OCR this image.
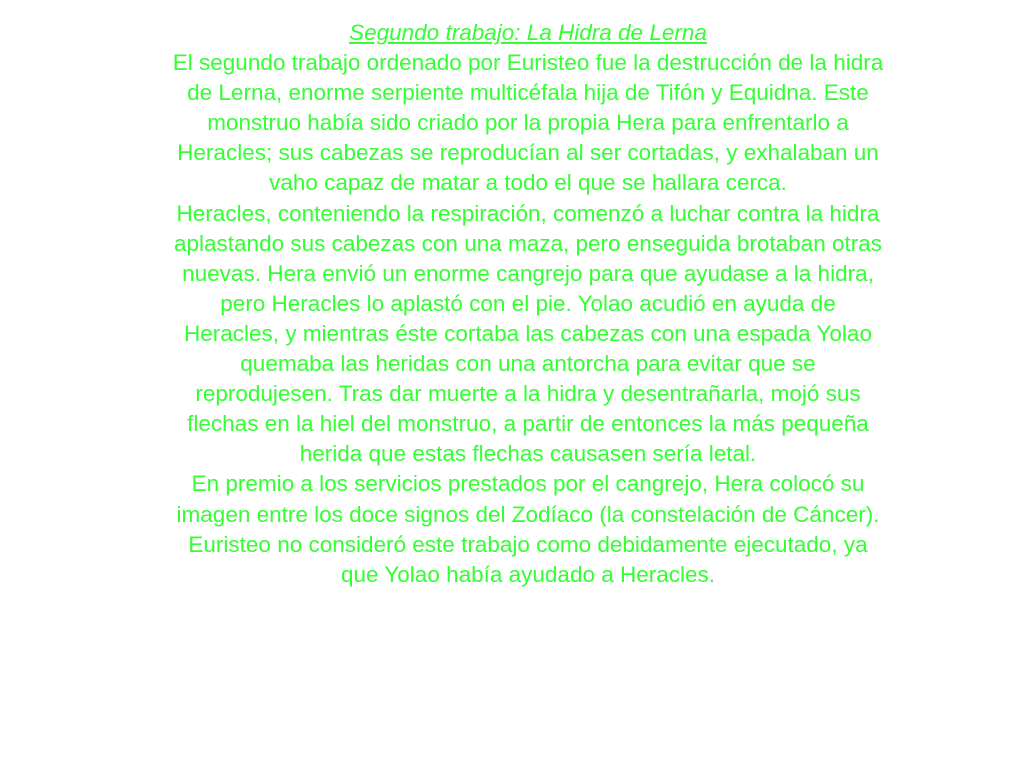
Segundo trabajo: La Hidra de Lerna

El segundo trabajo ordenado por Euristeo fue la destrucción de la hidra de Lerna, enorme serpiente multicéfala hija de Tifón y Equidna. Este monstruo había sido criado por la propia Hera para enfrentarlo a Heracles; sus cabezas se reproducían al ser cortadas, y exhalaban un vaho capaz de matar a todo el que se hallara cerca.

Heracles, conteniendo la respiración, comenzó a luchar contra la hidra aplastando sus cabezas con una maza, pero enseguida brotaban otras nuevas. Hera envió un enorme cangrejo para que ayudase a la hidra, pero Heracles lo aplastó con el pie. Yolao acudió en ayuda de Heracles, y mientras éste cortaba las cabezas con una espada Yolao quemaba las heridas con una antorcha para evitar que se reprodujesen. Tras dar muerte a la hidra y desentrañarla, mojó sus flechas en la hiel del monstruo, a partir de entonces la más pequeña herida que estas flechas causasen sería letal.

En premio a los servicios prestados por el cangrejo, Hera colocó su imagen entre los doce signos del Zodíaco (la constelación de Cáncer).

Euristeo no consideró este trabajo como debidamente ejecutado, ya que Yolao había ayudado a Heracles.
